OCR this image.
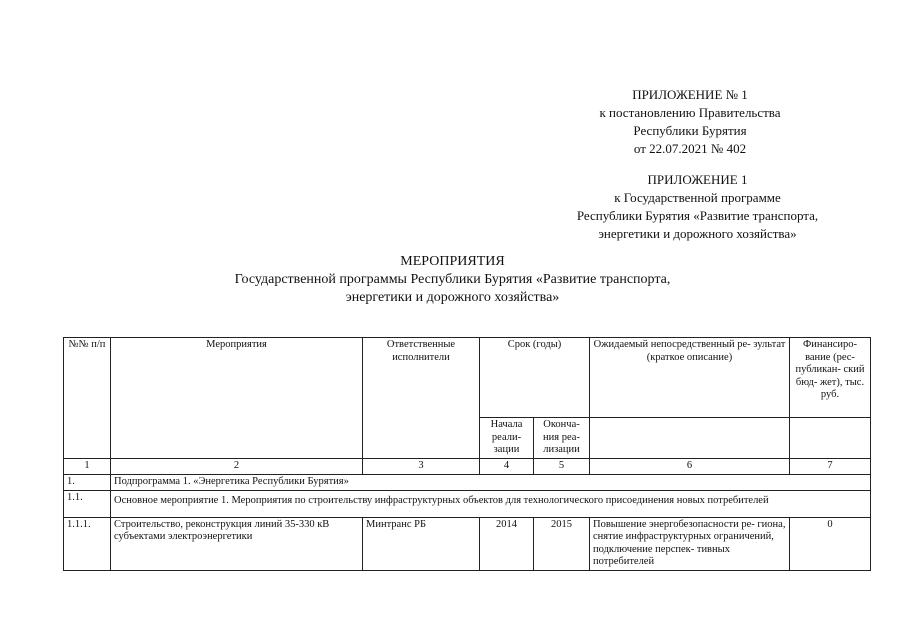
ПРИЛОЖЕНИЕ № 1
к постановлению Правительства
Республики Бурятия
от 22.07.2021 № 402
ПРИЛОЖЕНИЕ 1
к Государственной программе
Республики Бурятия «Развитие транспорта,
энергетики и дорожного хозяйства»
МЕРОПРИЯТИЯ
Государственной программы Республики Бурятия «Развитие транспорта,
энергетики и дорожного хозяйства»
№№ п/п	Мероприятия	Ответственные исполнители	Срок (годы)		Ожидаемый непосредственный ре- зультат (краткое описание)	Финансиро- вание (рес- публикан- ский бюд- жет), тыс. руб.
			Начала реали- зации	Оконча- ния реа- лизации		
1	2	3	4	5	6	7
1.	Подпрограмма 1. «Энергетика Республики Бурятия»					
1.1.	Основное мероприятие 1. Мероприятия по строительству инфраструктурных объектов для технологического присоединения новых потребителей					
1.1.1.	Строительство, реконструкция линий 35-330 кВ субъектами электроэнергетики	Минтранс РБ	2014	2015	Повышение энергобезопасности ре- гиона, снятие инфраструктурных ограничений, подключение перспек- тивных потребителей	0
